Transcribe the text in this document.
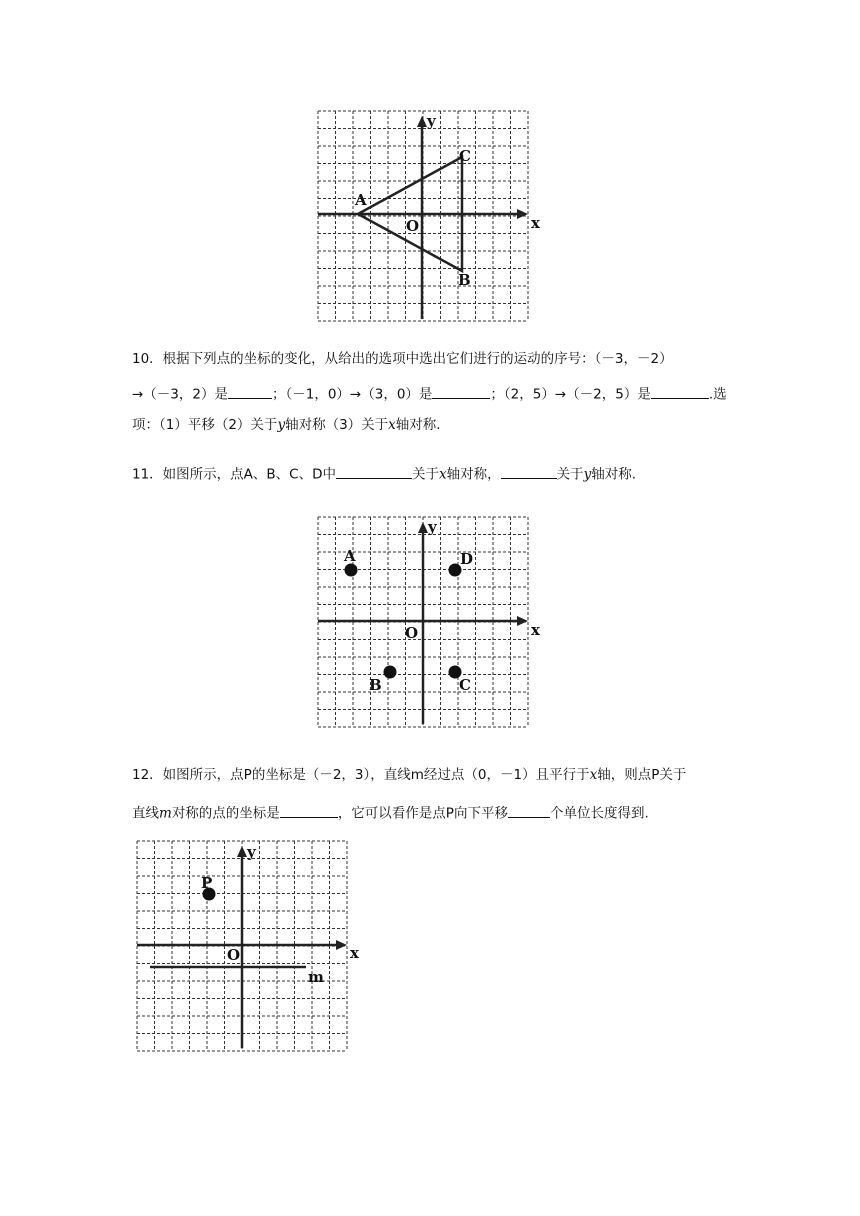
y
x
O
A
B
C
10．根据下列点的坐标的变化，从给出的选项中选出它们进行的运动的序号：（－3，－2）
→（－3，2）是	；（－1，0）→（3，0）是	；（2，5）→（－2，5）是	.选
项：（1）平移（2）关于y轴对称（3）关于x轴对称.
11．如图所示，点A、B、C、D中	关于x轴对称，	关于y轴对称.
y
x
O
A
B	C
D
12．如图所示，点P的坐标是（－2，3），直线m经过点（0，－1）且平行于x轴，则点P关于
直线m对称的点的坐标是	，它可以看作是点P向下平移	个单位长度得到.
y
x
O
P
m
